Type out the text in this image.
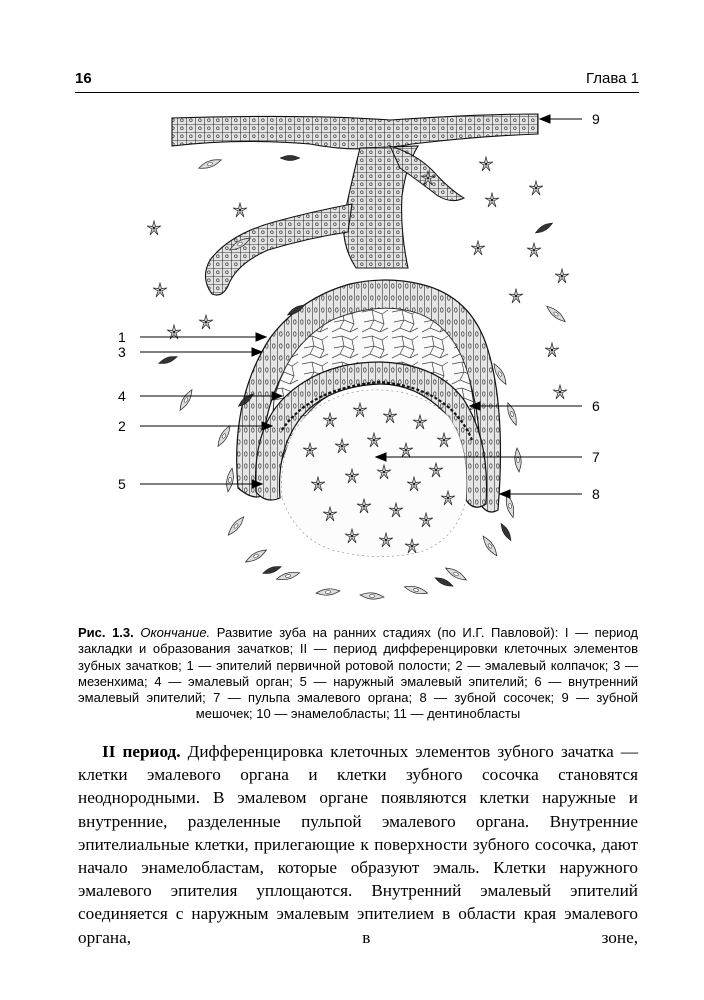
16	Глава 1
1
3
4
2
5
9
6
7
8
Рис. 1.3. Окончание. Развитие зуба на ранних стадиях (по И.Г. Павловой): I — период закладки и образования зачатков; II — период дифференцировки клеточных элементов зубных зачатков; 1 — эпителий первичной ротовой полости; 2 — эмалевый колпачок; 3 — мезенхима; 4 — эмалевый орган; 5 — наружный эмалевый эпителий; 6 — внутренний эмалевый эпителий; 7 — пульпа эмалевого органа; 8 — зубной сосочек; 9 — зубной мешочек; 10 — энамелобласты; 11 — дентинобласты
II период. Дифференцировка клеточных элементов зубного зачатка — клетки эмалевого органа и клетки зубного сосочка становятся неоднородными. В эмалевом органе появляются клетки наружные и внутренние, разделенные пульпой эмалевого органа. Внутренние эпителиальные клетки, прилегающие к поверхности зубного сосочка, дают начало энамелобластам, которые образуют эмаль. Клетки наружного эмалевого эпителия уплощаются. Внутренний эмалевый эпителий соединяется с наружным эмалевым эпителием в области края эмалевого органа, в зоне,
